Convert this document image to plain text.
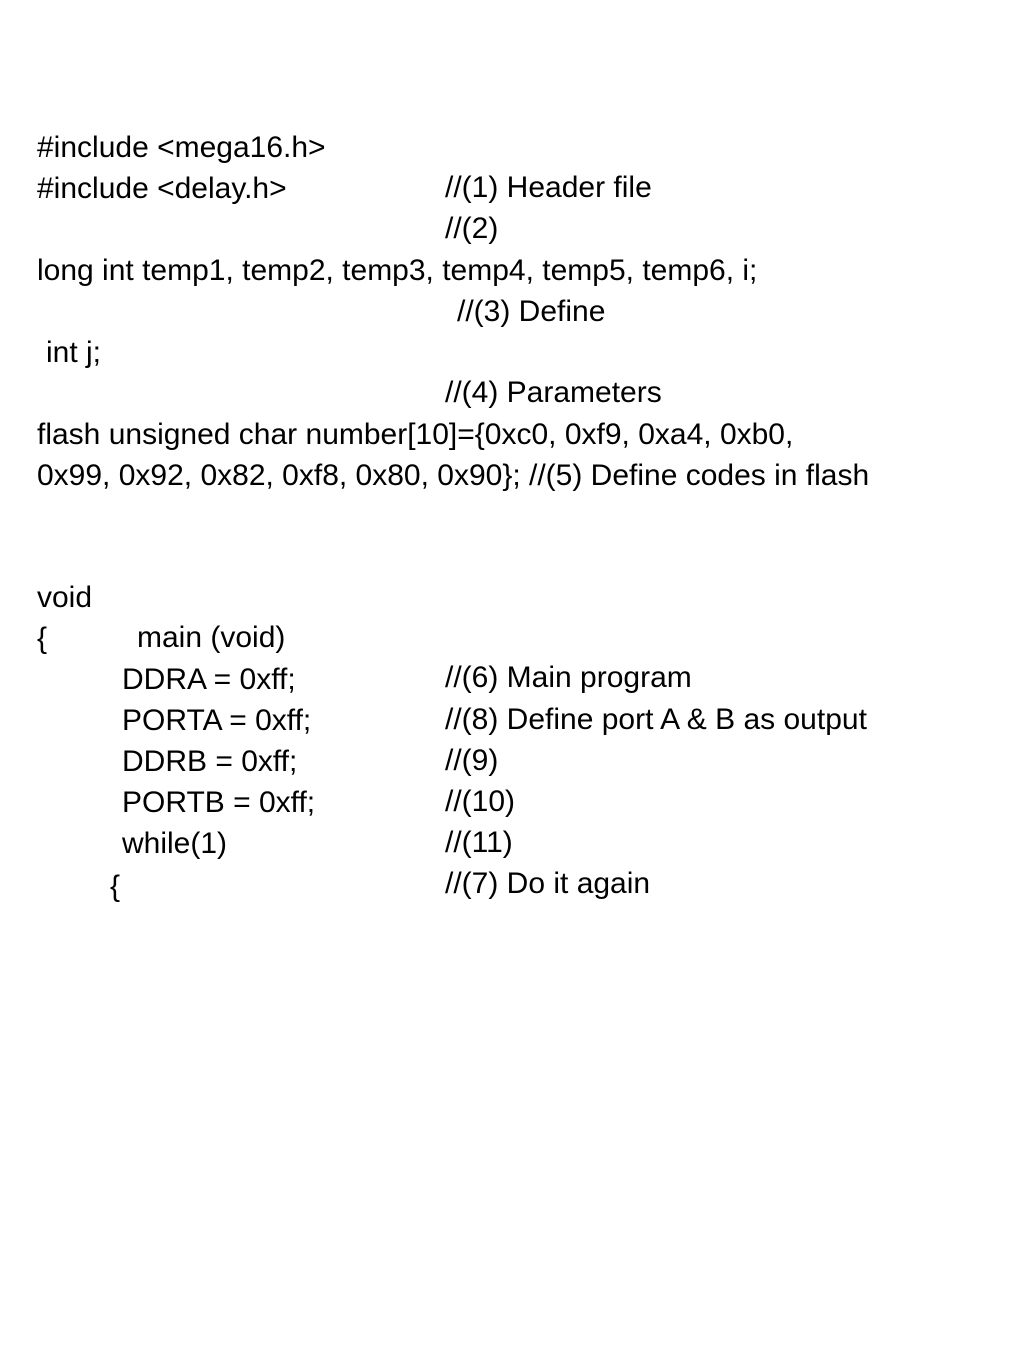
#include <mega16.h>

//(1) Header file

#include <delay.h>

//(2)

long int temp1, temp2, temp3, temp4, temp5, temp6, i;

//(3) Define

int j;

//(4) Parameters

flash unsigned char number[10]={0xc0, 0xf9, 0xa4, 0xb0,

0x99, 0x92, 0x82, 0xf8, 0x80, 0x90}; //(5) Define codes in flash

void

main (void)

//(6) Main program

{

DDRA = 0xff;

//(8) Define port A & B as output

PORTA = 0xff;

//(9)

DDRB = 0xff;

//(10)

PORTB = 0xff;

//(11)

while(1)

//(7) Do it again

{
